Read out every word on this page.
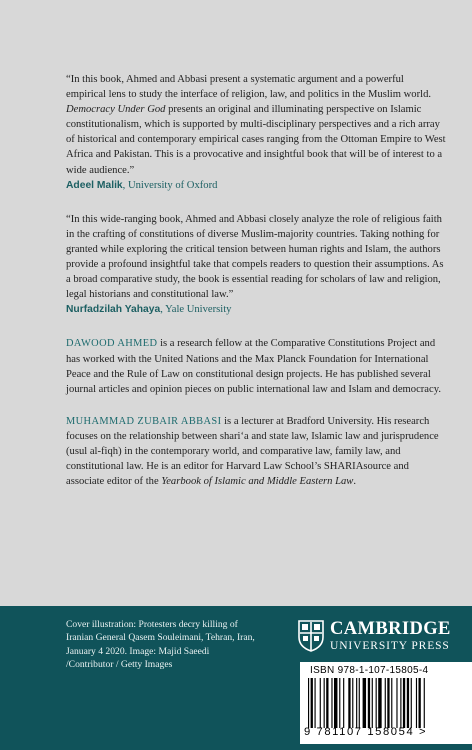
“In this book, Ahmed and Abbasi present a systematic argument and a powerful empirical lens to study the interface of religion, law, and politics in the Muslim world. Democracy Under God presents an original and illuminating perspective on Islamic constitutionalism, which is supported by multi-disciplinary perspectives and a rich array of historical and contemporary empirical cases ranging from the Ottoman Empire to West Africa and Pakistan. This is a provocative and insightful book that will be of interest to a wide audience.”

Adeel Malik, University of Oxford

“In this wide-ranging book, Ahmed and Abbasi closely analyze the role of religious faith in the crafting of constitutions of diverse Muslim-majority countries. Taking nothing for granted while exploring the critical tension between human rights and Islam, the authors provide a profound insightful take that compels readers to question their assumptions. As a broad comparative study, the book is essential reading for scholars of law and religion, legal historians and constitutional law.”

Nurfadzilah Yahaya, Yale University

DAWOOD AHMED is a research fellow at the Comparative Constitutions Project and has worked with the United Nations and the Max Planck Foundation for International Peace and the Rule of Law on constitutional design projects. He has published several journal articles and opinion pieces on public international law and Islam and democracy.

MUHAMMAD ZUBAIR ABBASI is a lecturer at Bradford University. His research focuses on the relationship between shari‘a and state law, Islamic law and jurisprudence (usul al-fiqh) in the contemporary world, and comparative law, family law, and constitutional law. He is an editor for Harvard Law School’s SHARIAsource and associate editor of the Yearbook of Islamic and Middle Eastern Law.

Cover illustration: Protesters decry killing of Iranian General Qasem Souleimani, Tehran, Iran, January 4 2020. Image: Majid Saeedi /Contributor / Getty Images

CAMBRIDGE
UNIVERSITY PRESS
ISBN 978-1-107-15805-4
9 781107 158054 >
